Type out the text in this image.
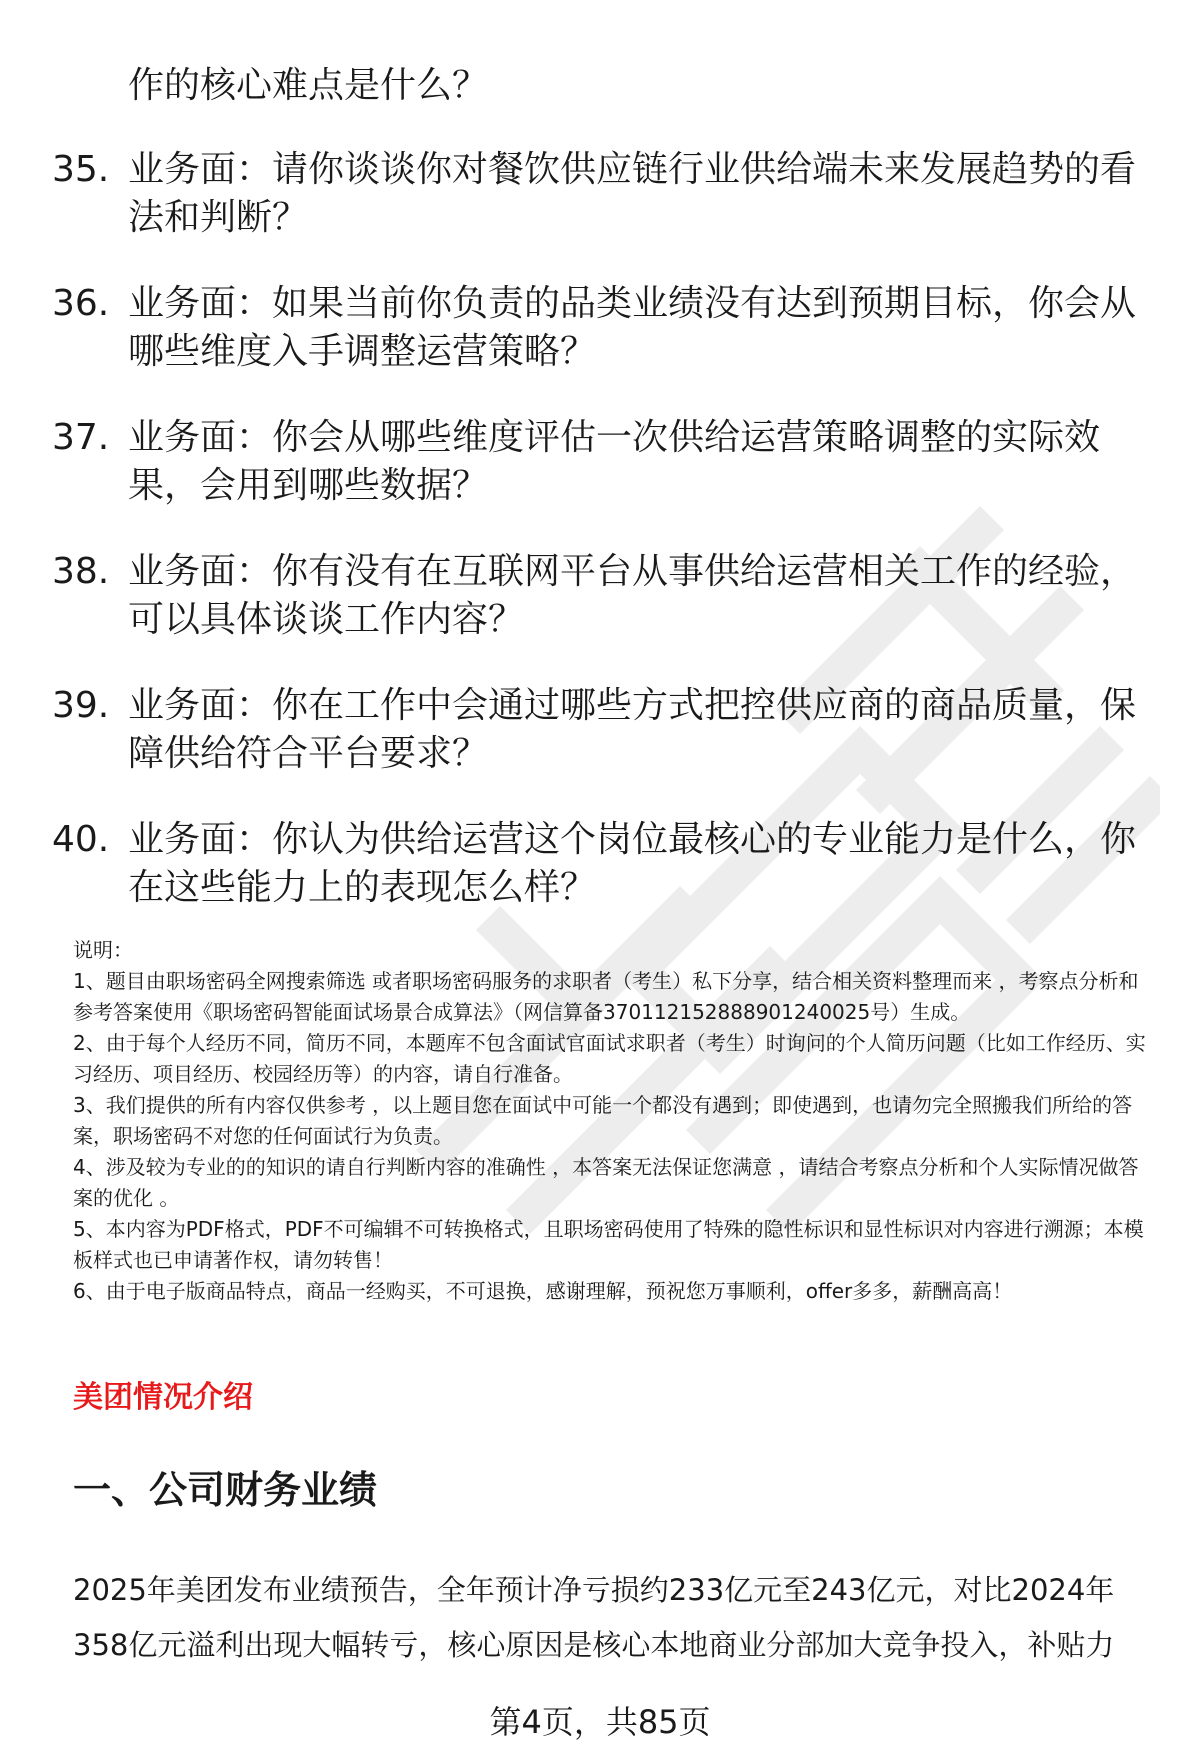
作的核心难点是什么？

35. 业务面：请你谈谈你对餐饮供应链行业供给端未来发展趋势的看法和判断？
36. 业务面：如果当前你负责的品类业绩没有达到预期目标，你会从哪些维度入手调整运营策略？
37. 业务面：你会从哪些维度评估一次供给运营策略调整的实际效果，会用到哪些数据？
38. 业务面：你有没有在互联网平台从事供给运营相关工作的经验，可以具体谈谈工作内容？
39. 业务面：你在工作中会通过哪些方式把控供应商的商品质量，保障供给符合平台要求？
40. 业务面：你认为供给运营这个岗位最核心的专业能力是什么，你在这些能力上的表现怎么样？

说明：

1、题目由职场密码全网搜索筛选 或者职场密码服务的求职者（考生）私下分享，结合相关资料整理而来 ，考察点分析和参考答案使用《职场密码智能面试场景合成算法》（网信算备370112152888901240025号）生成。

2、由于每个人经历不同，简历不同，本题库不包含面试官面试求职者（考生）时询问的个人简历问题（比如工作经历、实习经历、项目经历、校园经历等）的内容，请自行准备。

3、我们提供的所有内容仅供参考 ，以上题目您在面试中可能一个都没有遇到；即使遇到，也请勿完全照搬我们所给的答案，职场密码不对您的任何面试行为负责。

4、涉及较为专业的的知识的请自行判断内容的准确性 ，本答案无法保证您满意 ，请结合考察点分析和个人实际情况做答案的优化 。

5、本内容为PDF格式，PDF不可编辑不可转换格式，且职场密码使用了特殊的隐性标识和显性标识对内容进行溯源；本模板样式也已申请著作权，请勿转售！

6、由于电子版商品特点，商品一经购买，不可退换，感谢理解，预祝您万事顺利，offer多多，薪酬高高！

美团情况介绍

一、公司财务业绩

2025年美团发布业绩预告，全年预计净亏损约233亿元至243亿元，对比2024年358亿元溢利出现大幅转亏，核心原因是核心本地商业分部加大竞争投入，补贴力

第4页，共85页
